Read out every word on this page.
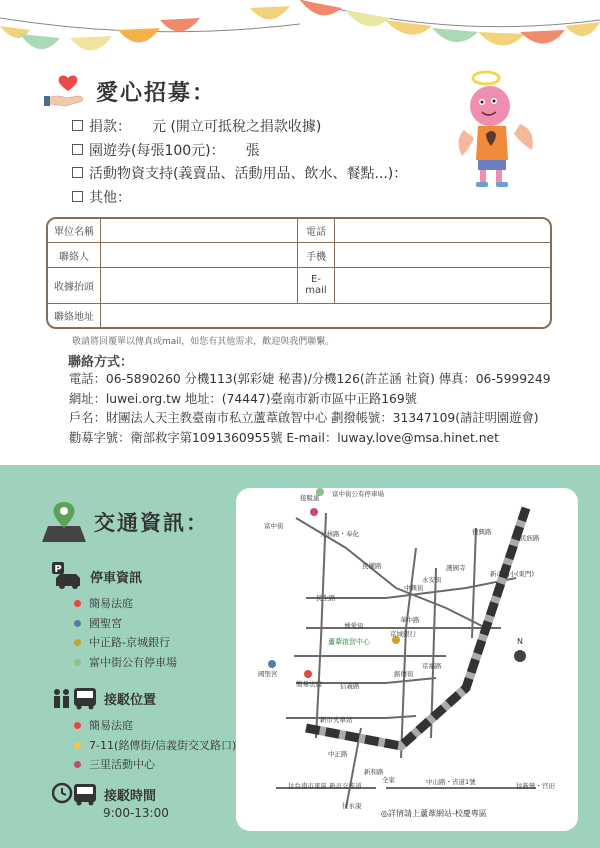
愛心招募：
捐款：　　元 (開立可抵稅之捐款收據)
園遊券(每張100元)：　　張
活動物資支持(義賣品、活動用品、飲水、餐點...)：
其他：
單位名稱		電話	
聯絡人		手機	
收據抬頭		E-mail	
聯絡地址			
敬請將回覆單以傳真或mail，如您有其他需求，歡迎與我們聯繫。
聯絡方式：
電話：06-5890260 分機113(郭彩婕 秘書)/分機126(許芷涵 社資) 傳真：06-5999249
網址：luwei.org.tw 地址：(74447)臺南市新市區中正路169號
戶名：財團法人天主教臺南市私立蘆葦啟智中心 劃撥帳號：31347109(請註明園遊會)
勸募字號：衛部救字第1091360955號 E-mail：luway.love@msa.hinet.net
交通資訊：
P
停車資訊
簡易法庭
國聖宮
中正路-京城銀行
富中街公有停車場
接駁位置
簡易法庭
7-11(銘傳街/信義街交叉路口)
三里活動中心
接駁時間
9:00-13:00
N
接駁處 富中街公有停車場
富中街
元林路・奉化
民權路
民生路
復興路
民族路
護國寺
新市國小(東門)
永安街
中興街
博愛街
華中路
蘆葦啟智中心
京城銀行
京福路
銘傳街
國聖宮
簡易法庭	信義路
新市火車站
中正路
新和路
全家	中山路・省道1號
往台南市東區 新市交流道
往永康
往新營・官田
◎詳情請上蘆葦網站-校慶專區
